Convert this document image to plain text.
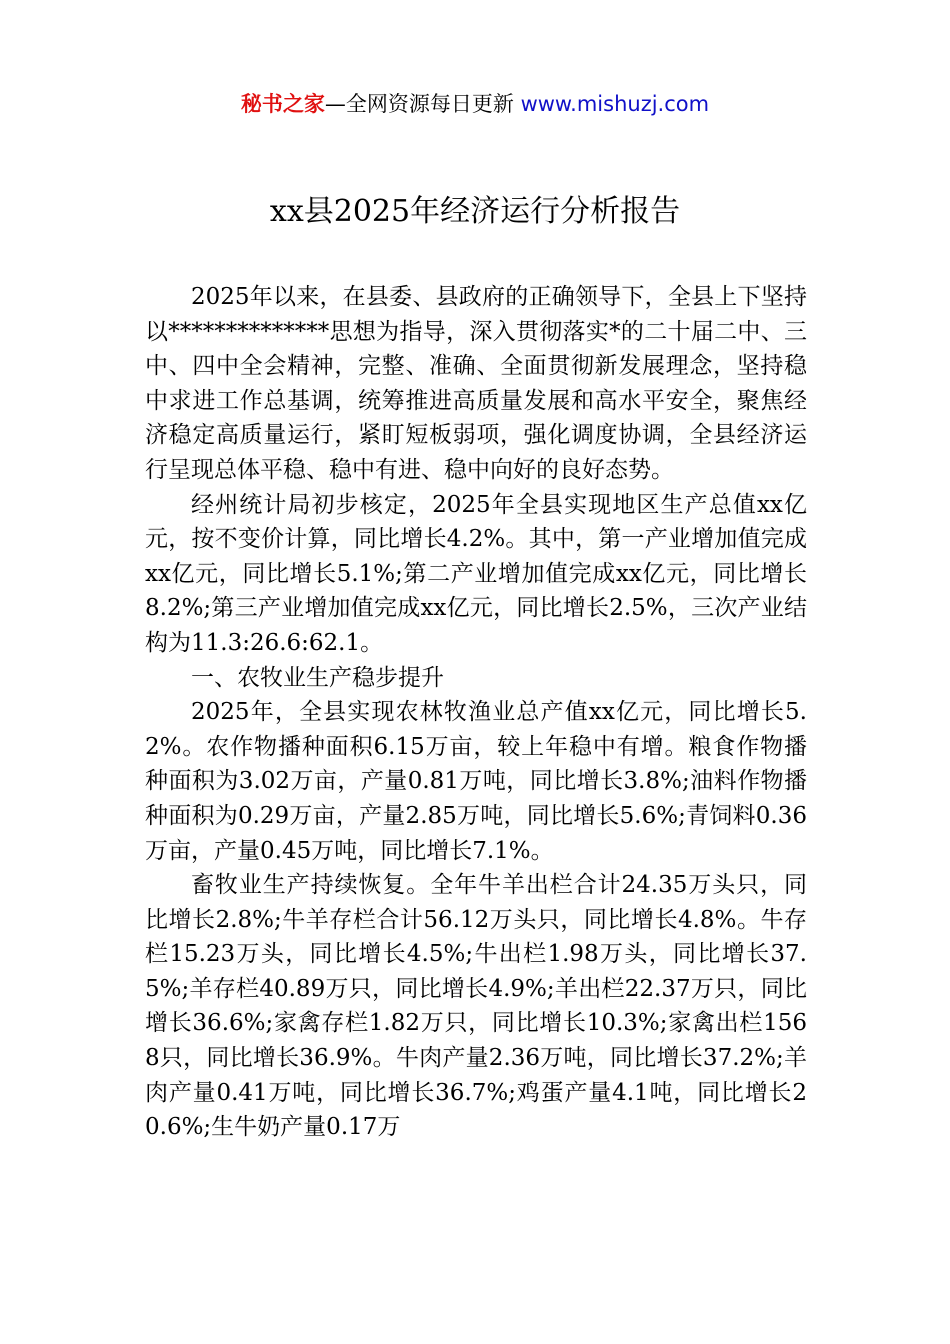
秘书之家—全网资源每日更新 www.mishuzj.com
xx县2025年经济运行分析报告

2025年以来，在县委、县政府的正确领导下，全县上下坚持以**************思想为指导，深入贯彻落实*的二十届二中、三中、四中全会精神，完整、准确、全面贯彻新发展理念，坚持稳中求进工作总基调，统筹推进高质量发展和高水平安全，聚焦经济稳定高质量运行，紧盯短板弱项，强化调度协调，全县经济运行呈现总体平稳、稳中有进、稳中向好的良好态势。

经州统计局初步核定，2025年全县实现地区生产总值xx亿元，按不变价计算，同比增长4.2%。其中，第一产业增加值完成xx亿元，同比增长5.1%;第二产业增加值完成xx亿元，同比增长8.2%;第三产业增加值完成xx亿元，同比增长2.5%，三次产业结构为11.3:26.6:62.1。

一、农牧业生产稳步提升

2025年，全县实现农林牧渔业总产值xx亿元，同比增长5.2%。农作物播种面积6.15万亩，较上年稳中有增。粮食作物播种面积为3.02万亩，产量0.81万吨，同比增长3.8%;油料作物播种面积为0.29万亩，产量2.85万吨，同比增长5.6%;青饲料0.36万亩，产量0.45万吨，同比增长7.1%。

畜牧业生产持续恢复。全年牛羊出栏合计24.35万头只，同比增长2.8%;牛羊存栏合计56.12万头只，同比增长4.8%。牛存栏15.23万头，同比增长4.5%;牛出栏1.98万头，同比增长37.5%;羊存栏40.89万只，同比增长4.9%;羊出栏22.37万只，同比增长36.6%;家禽存栏1.82万只，同比增长10.3%;家禽出栏1568只，同比增长36.9%。牛肉产量2.36万吨，同比增长37.2%;羊肉产量0.41万吨，同比增长36.7%;鸡蛋产量4.1吨，同比增长20.6%;生牛奶产量0.17万
